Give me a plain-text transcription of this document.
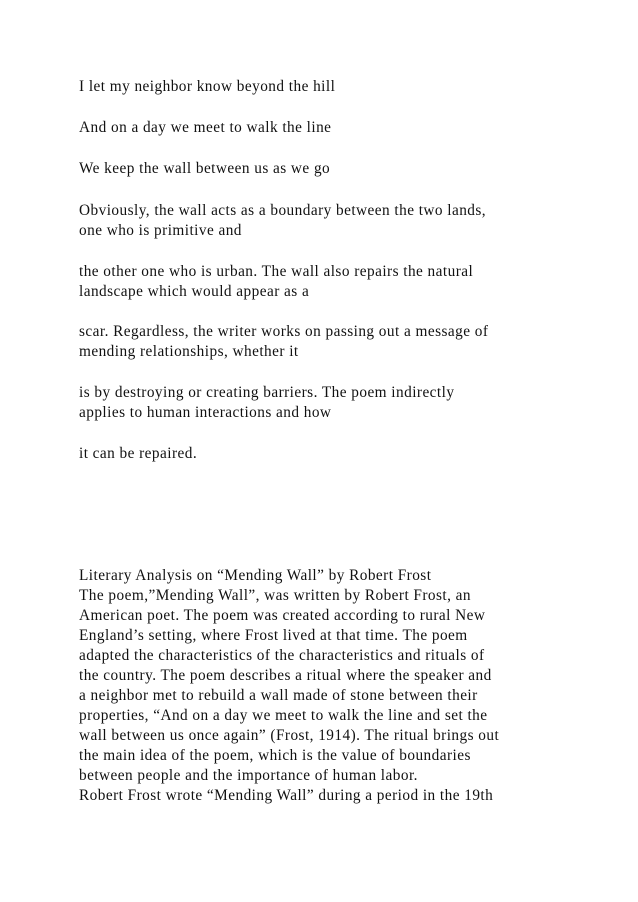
I let my neighbor know beyond the hill
And on a day we meet to walk the line
We keep the wall between us as we go
Obviously, the wall acts as a boundary between the two lands,
one who is primitive and
the other one who is urban. The wall also repairs the natural
landscape which would appear as a
scar. Regardless, the writer works on passing out a message of
mending relationships, whether it
is by destroying or creating barriers. The poem indirectly
applies to human interactions and how
it can be repaired.
Literary Analysis on “Mending Wall” by Robert Frost
The poem,”Mending Wall”, was written by Robert Frost, an
American poet. The poem was created according to rural New
England’s setting, where Frost lived at that time. The poem
adapted the characteristics of the characteristics and rituals of
the country. The poem describes a ritual where the speaker and
a neighbor met to rebuild a wall made of stone between their
properties, “And on a day we meet to walk the line and set the
wall between us once again” (Frost, 1914). The ritual brings out
the main idea of the poem, which is the value of boundaries
between people and the importance of human labor.
Robert Frost wrote “Mending Wall” during a period in the 19th
